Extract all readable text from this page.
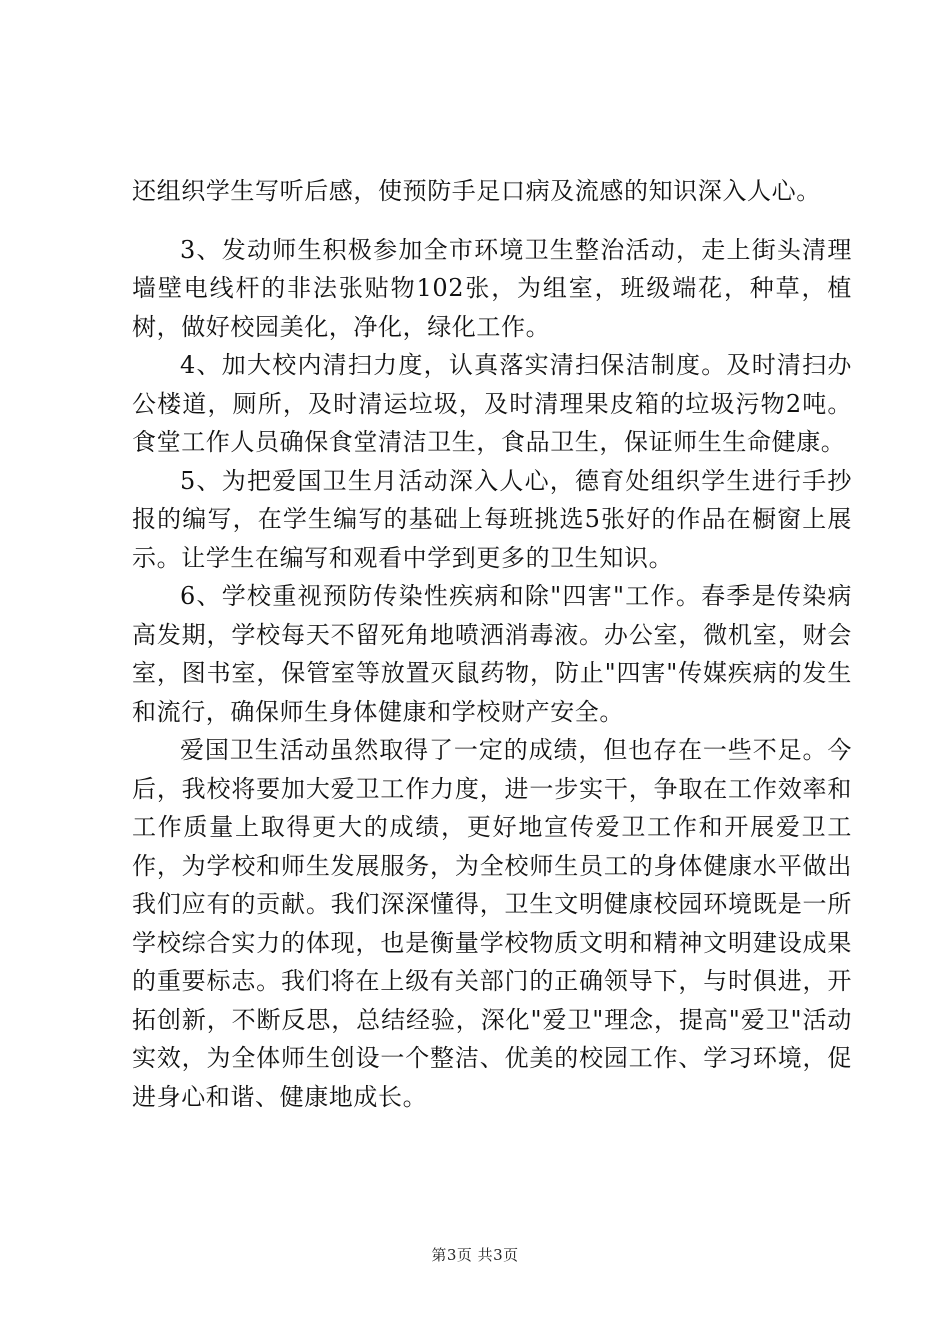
还组织学生写听后感，使预防手足口病及流感的知识深入人心。

3、发动师生积极参加全市环境卫生整治活动，走上街头清理墙壁电线杆的非法张贴物102张，为组室，班级端花，种草，植树，做好校园美化，净化，绿化工作。

4、加大校内清扫力度，认真落实清扫保洁制度。及时清扫办公楼道，厕所，及时清运垃圾，及时清理果皮箱的垃圾污物2吨。食堂工作人员确保食堂清洁卫生，食品卫生，保证师生生命健康。

5、为把爱国卫生月活动深入人心，德育处组织学生进行手抄报的编写，在学生编写的基础上每班挑选5张好的作品在橱窗上展示。让学生在编写和观看中学到更多的卫生知识。

6、学校重视预防传染性疾病和除"四害"工作。春季是传染病高发期，学校每天不留死角地喷洒消毒液。办公室，微机室，财会室，图书室，保管室等放置灭鼠药物，防止"四害"传媒疾病的发生和流行，确保师生身体健康和学校财产安全。

爱国卫生活动虽然取得了一定的成绩，但也存在一些不足。今后，我校将要加大爱卫工作力度，进一步实干，争取在工作效率和工作质量上取得更大的成绩，更好地宣传爱卫工作和开展爱卫工作，为学校和师生发展服务，为全校师生员工的身体健康水平做出我们应有的贡献。我们深深懂得，卫生文明健康校园环境既是一所学校综合实力的体现，也是衡量学校物质文明和精神文明建设成果的重要标志。我们将在上级有关部门的正确领导下，与时俱进，开拓创新，不断反思，总结经验，深化"爱卫"理念，提高"爱卫"活动实效，为全体师生创设一个整洁、优美的校园工作、学习环境，促进身心和谐、健康地成长。

第3页 共3页
